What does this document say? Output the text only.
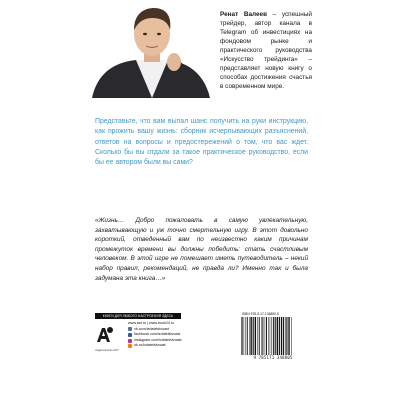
Ренат Валеев – успешный трейдер, автор канала в Telegram об инвестициях на фондовом рынке и практического руководства «Искусство трейдинга» – представляет новую книгу о способах достижения счастья в современном мире.

Представьте, что вам выпал шанс получить на руки инструкцию, как прожить вашу жизнь: сборник исчерпывающих разъяснений, ответов на вопросы и предостережений о том, что вас ждет. Сколько бы вы отдали за такое практическое руководство, если бы ее автором были вы сами?

«Жизнь… Добро пожаловать в самую увлекательную, захватывающую и уж точно смертельную игру. В этот довольно короткий, отведенный вам по неизвестно каким причинам промежуток времени вы должны победить: стать счастливым человеком. В этой игре не помешает иметь путеводитель – некий набор правил, рекомендаций, не правда ли? Именно так и была задумана эта книга…»

КНИГИ ДЛЯ ЛЮБОГО НАСТРОЕНИЯ ЗДЕСЬ
издательство АСТ
www.ast.ru | www.book24.ru
vk.com/izdatelstvoast
facebook.com/izdatelstvoast
instagram.com/izdatelstvoast
ok.ru/izdatelstvoast
ISBN 978-5-17-134880-5
9 785171 348805
